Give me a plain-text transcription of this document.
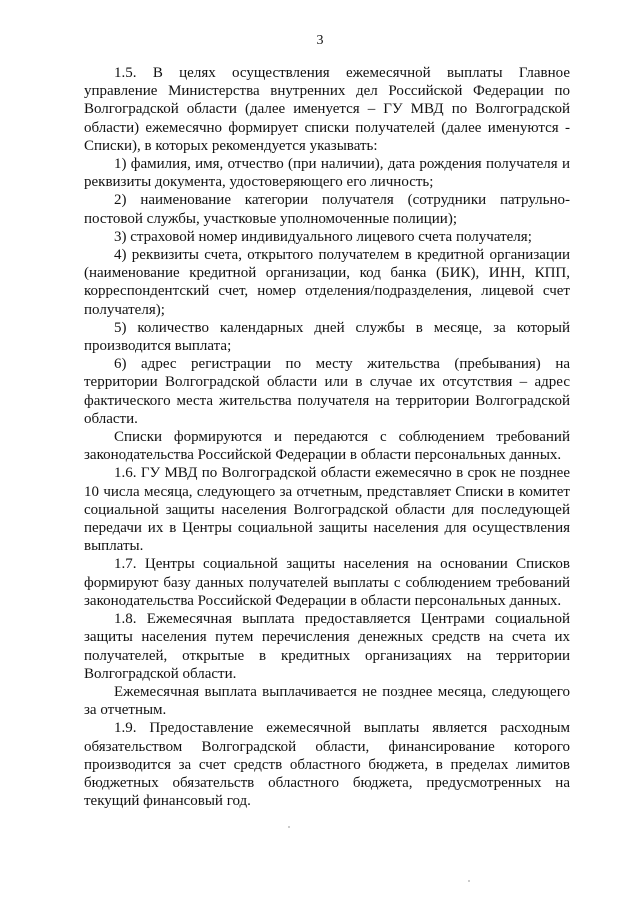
3

1.5. В целях осуществления ежемесячной выплаты Главное управление Министерства внутренних дел Российской Федерации по Волгоградской области (далее именуется – ГУ МВД по Волгоградской области) ежемесячно формирует списки получателей (далее именуются - Списки), в которых рекомендуется указывать:

1) фамилия, имя, отчество (при наличии), дата рождения получателя и реквизиты документа, удостоверяющего его личность;

2) наименование категории получателя (сотрудники патрульно-постовой службы, участковые уполномоченные полиции);

3) страховой номер индивидуального лицевого счета получателя;

4) реквизиты счета, открытого получателем в кредитной организации (наименование кредитной организации, код банка (БИК), ИНН, КПП, корреспондентский счет, номер отделения/подразделения, лицевой счет получателя);

5) количество календарных дней службы в месяце, за который производится выплата;

6) адрес регистрации по месту жительства (пребывания) на территории Волгоградской области или в случае их отсутствия – адрес фактического места жительства получателя на территории Волгоградской области.

Списки формируются и передаются с соблюдением требований законодательства Российской Федерации в области персональных данных.

1.6. ГУ МВД по Волгоградской области ежемесячно в срок не позднее 10 числа месяца, следующего за отчетным, представляет Списки в комитет социальной защиты населения Волгоградской области для последующей передачи их в Центры социальной защиты населения для осуществления выплаты.

1.7. Центры социальной защиты населения на основании Списков формируют базу данных получателей выплаты с соблюдением требований законодательства Российской Федерации в области персональных данных.

1.8. Ежемесячная выплата предоставляется Центрами социальной защиты населения путем перечисления денежных средств на счета их получателей, открытые в кредитных организациях на территории Волгоградской области.

Ежемесячная выплата выплачивается не позднее месяца, следующего за отчетным.

1.9. Предоставление ежемесячной выплаты является расходным обязательством Волгоградской области, финансирование которого производится за счет средств областного бюджета, в пределах лимитов бюджетных обязательств областного бюджета, предусмотренных на текущий финансовый год.
